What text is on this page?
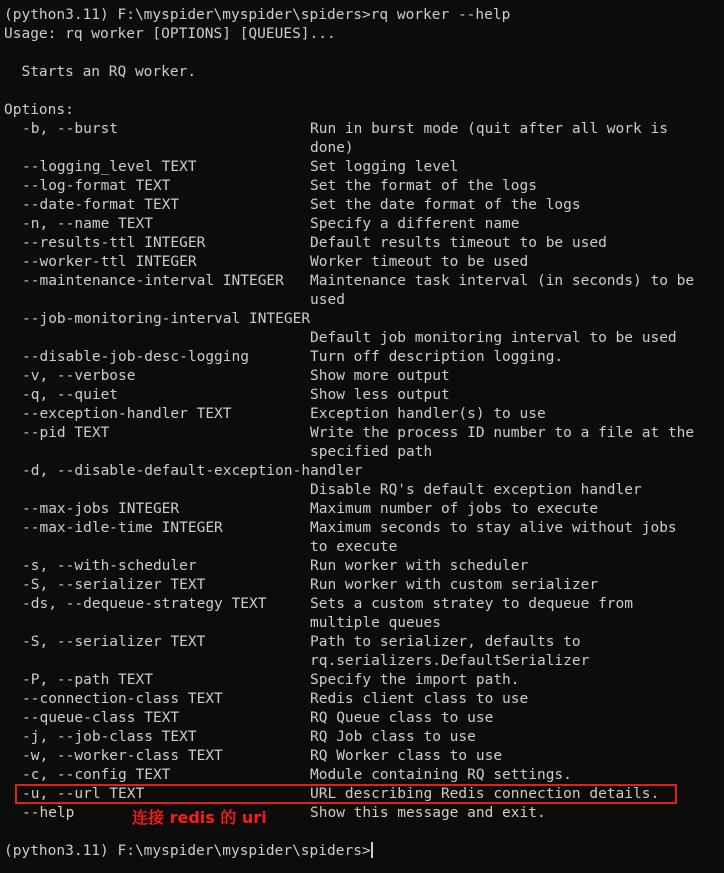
(python3.11) F:\myspider\myspider\spiders>rq worker --help
Usage: rq worker [OPTIONS] [QUEUES]...
Starts an RQ worker.
Options:
-b, --burst	Run in burst mode (quit after all work is
done)
--logging_level TEXT	Set logging level
--log-format TEXT	Set the format of the logs
--date-format TEXT	Set the date format of the logs
-n, --name TEXT	Specify a different name
--results-ttl INTEGER	Default results timeout to be used
--worker-ttl INTEGER	Worker timeout to be used
--maintenance-interval INTEGER Maintenance task interval (in seconds) to be
used
--job-monitoring-interval INTEGER
Default job monitoring interval to be used
--disable-job-desc-logging	Turn off description logging.
-v, --verbose	Show more output
-q, --quiet	Show less output
--exception-handler TEXT	Exception handler(s) to use
--pid TEXT	Write the process ID number to a file at the
specified path
-d, --disable-default-exception-handler
Disable RQ's default exception handler
--max-jobs INTEGER	Maximum number of jobs to execute
--max-idle-time INTEGER	Maximum seconds to stay alive without jobs
to execute
-s, --with-scheduler	Run worker with scheduler
-S, --serializer TEXT	Run worker with custom serializer
-ds, --dequeue-strategy TEXT	Sets a custom stratey to dequeue from
multiple queues
-S, --serializer TEXT	Path to serializer, defaults to
rq.serializers.DefaultSerializer
-P, --path TEXT	Specify the import path.
--connection-class TEXT	Redis client class to use
--queue-class TEXT	RQ Queue class to use
-j, --job-class TEXT	RQ Job class to use
-w, --worker-class TEXT	RQ Worker class to use
-c, --config TEXT	Module containing RQ settings.
-u, --url TEXT	URL describing Redis connection details.
--help	Show this message and exit.
(python3.11) F:\myspider\myspider\spiders>
连接 redis 的 uri
